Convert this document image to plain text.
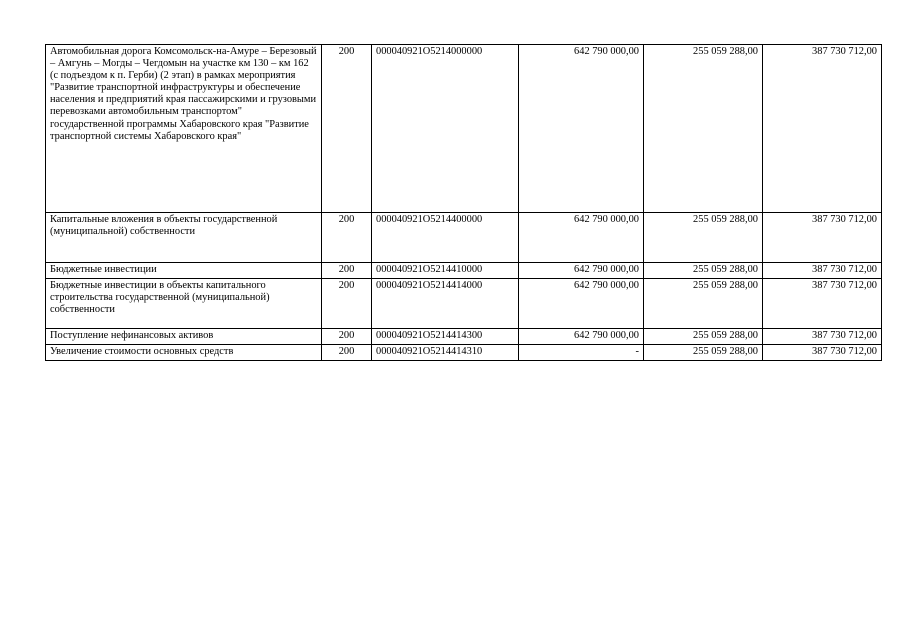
Автомобильная дорога Комсомольск-на-Амуре – Березовый – Амгунь – Могды – Чегдомын на участке км 130 – км 162 (с подъездом к п. Герби) (2 этап) в рамках мероприятия "Развитие транспортной инфраструктуры и обеспечение населения и предприятий края пассажирскими и грузовыми перевозками автомобильным транспортом" государственной программы Хабаровского края "Развитие транспортной системы Хабаровского края"	200	000040921О5214000000	642 790 000,00	255 059 288,00	387 730 712,00
Капитальные вложения в объекты государственной (муниципальной) собственности	200	000040921О5214400000	642 790 000,00	255 059 288,00	387 730 712,00
Бюджетные инвестиции	200	000040921О5214410000	642 790 000,00	255 059 288,00	387 730 712,00
Бюджетные инвестиции в объекты капитального строительства государственной (муниципальной) собственности	200	000040921О5214414000	642 790 000,00	255 059 288,00	387 730 712,00
Поступление нефинансовых активов	200	000040921О5214414300	642 790 000,00	255 059 288,00	387 730 712,00
Увеличение стоимости основных средств	200	000040921О5214414310	-	255 059 288,00	387 730 712,00
